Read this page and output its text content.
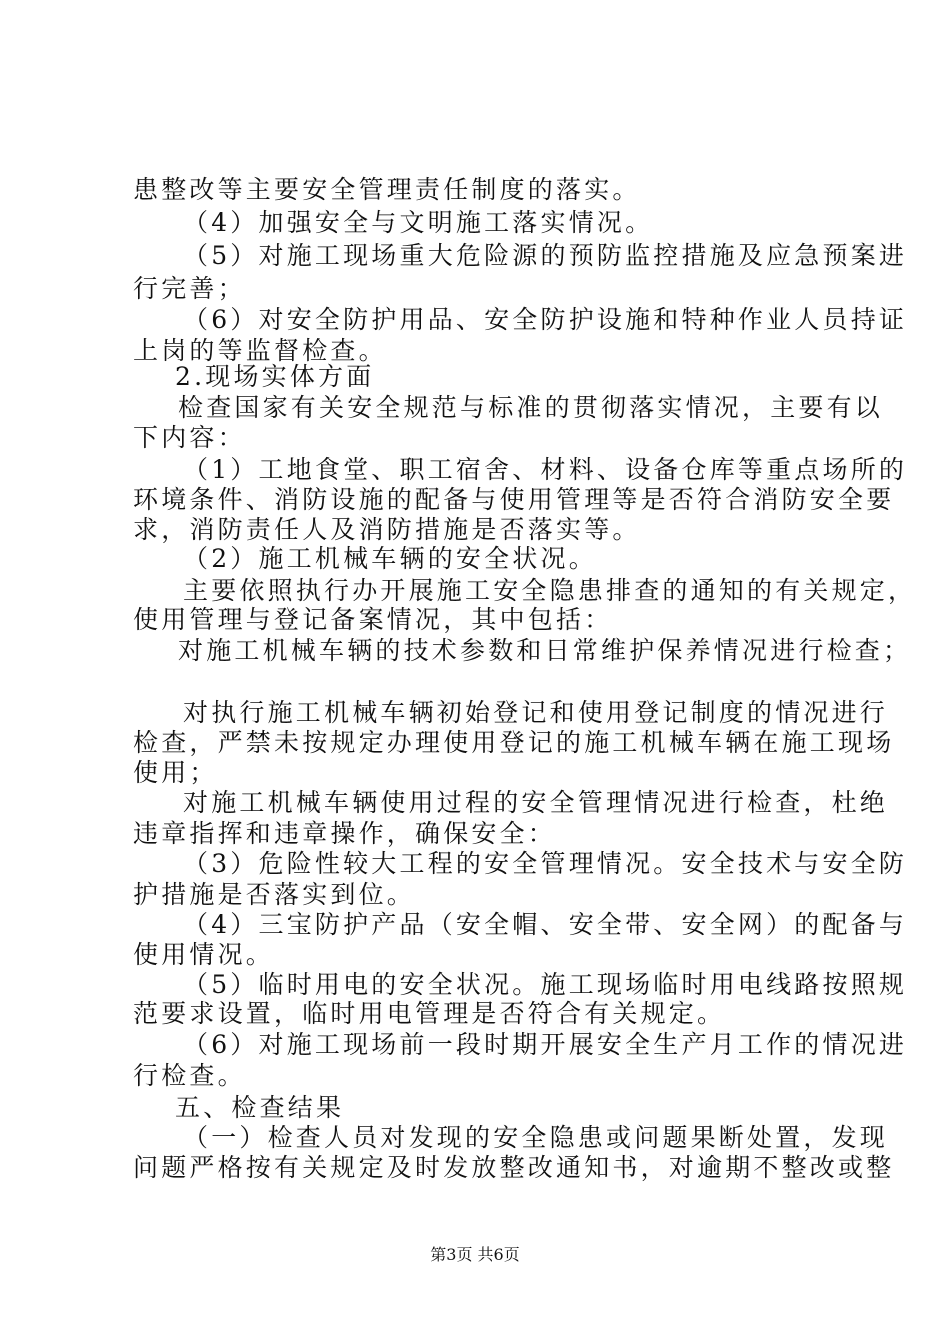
患整改等主要安全管理责任制度的落实。
（4）加强安全与文明施工落实情况。
（5）对施工现场重大危险源的预防监控措施及应急预案进
行完善；
（6）对安全防护用品、安全防护设施和特种作业人员持证
上岗的等监督检查。
2.现场实体方面
检查国家有关安全规范与标准的贯彻落实情况，主要有以
下内容：
（1）工地食堂、职工宿舍、材料、设备仓库等重点场所的
环境条件、消防设施的配备与使用管理等是否符合消防安全要
求，消防责任人及消防措施是否落实等。
（2）施工机械车辆的安全状况。
主要依照执行办开展施工安全隐患排查的通知的有关规定，
使用管理与登记备案情况，其中包括：
对施工机械车辆的技术参数和日常维护保养情况进行检查；
对执行施工机械车辆初始登记和使用登记制度的情况进行
检查，严禁未按规定办理使用登记的施工机械车辆在施工现场
使用；
对施工机械车辆使用过程的安全管理情况进行检查，杜绝
违章指挥和违章操作，确保安全：
（3）危险性较大工程的安全管理情况。安全技术与安全防
护措施是否落实到位。
（4）三宝防护产品（安全帽、安全带、安全网）的配备与
使用情况。
（5）临时用电的安全状况。施工现场临时用电线路按照规
范要求设置，临时用电管理是否符合有关规定。
（6）对施工现场前一段时期开展安全生产月工作的情况进
行检查。
五、检查结果
（一）检查人员对发现的安全隐患或问题果断处置，发现
问题严格按有关规定及时发放整改通知书，对逾期不整改或整
第3页 共6页
